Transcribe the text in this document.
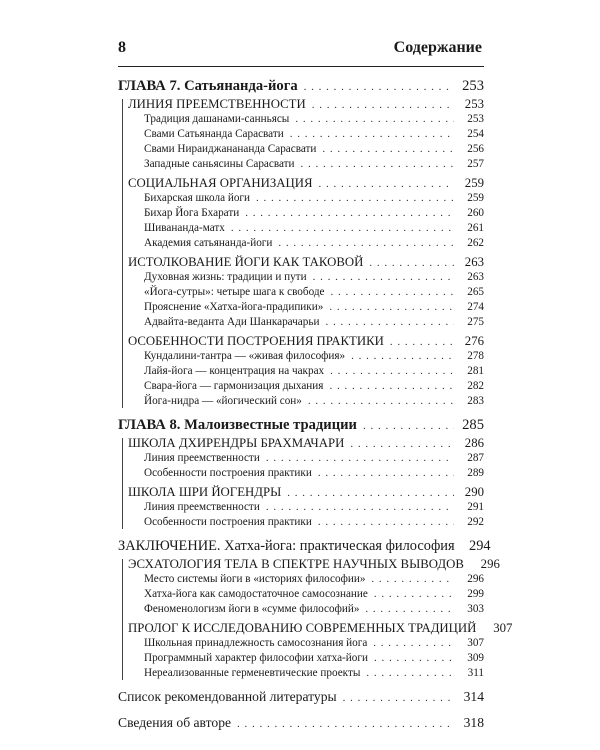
8	Содержание
ГЛАВА 7. Сатьянанда-йога . . .	253
ЛИНИЯ ПРЕЕМСТВЕННОСТИ . . .	253
Традиция дашанами-санньясы . . .	253
Свами Сатьянанда Сарасвати . . .	254
Свами Нираиджанананда Сарасвати . . .	256
Западные саньясины Сарасвати . . .	257
СОЦИАЛЬНАЯ ОРГАНИЗАЦИЯ . . .	259
Бихарская школа йоги . . .	259
Бихар Йога Бхарати . . .	260
Шивананда-матх . . .	261
Академия сатьянанда-йоги . . .	262
ИСТОЛКОВАНИЕ ЙОГИ КАК ТАКОВОЙ . . .	263
Духовная жизнь: традиции и пути . . .	263
«Йога-сутры»: четыре шага к свободе . . .	265
Прояснение «Хатха-йога-прадипики» . . .	274
Адвайта-веданта Ади Шанкарачарьи . . .	275
ОСОБЕННОСТИ ПОСТРОЕНИЯ ПРАКТИКИ . . .	276
Кундалини-тантра — «живая философия» . . .	278
Лайя-йога — концентрация на чакрах . . .	281
Свара-йога — гармонизация дыхания . . .	282
Йога-нидра — «йогический сон» . . .	283
ГЛАВА 8. Малоизвестные традиции . . .	285
ШКОЛА ДХИРЕНДРЫ БРАХМАЧАРИ . . .	286
Линия преемственности . . .	287
Особенности построения практики . . .	289
ШКОЛА ШРИ ЙОГЕНДРЫ . . .	290
Линия преемственности . . .	291
Особенности построения практики . . .	292
ЗАКЛЮЧЕНИЕ. Хатха-йога: практическая философия	294
ЭСХАТОЛОГИЯ ТЕЛА В СПЕКТРЕ НАУЧНЫХ ВЫВОДОВ	296
Место системы йоги в «историях философии» . . .	296
Хатха-йога как самодостаточное самосознание . . .	299
Феноменологизм йоги в «сумме философий» . . .	303
ПРОЛОГ К ИССЛЕДОВАНИЮ СОВРЕМЕННЫХ ТРАДИЦИЙ	307
Школьная принадлежность самосознания йога . . .	307
Программный характер философии хатха-йоги . . .	309
Нереализованные герменевтические проекты . . .	311
Список рекомендованной литературы . . .	314
Сведения об авторе . . .	318
